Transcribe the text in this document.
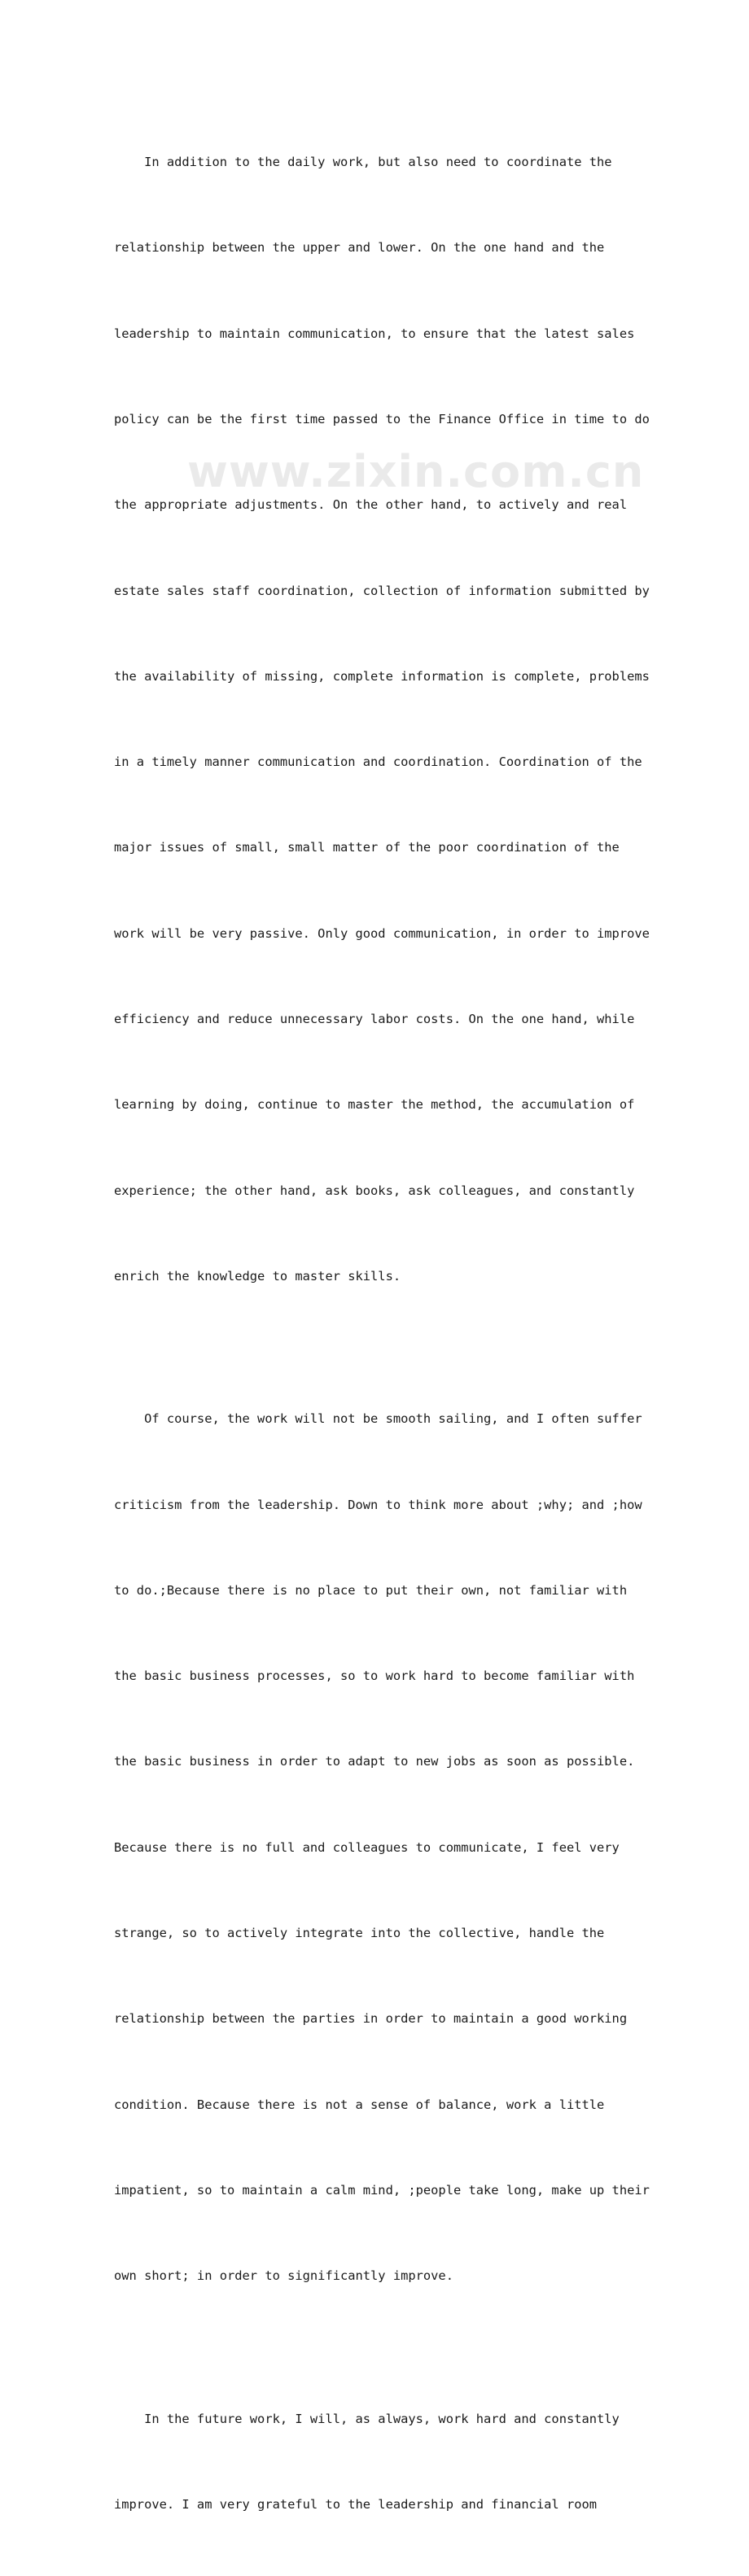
In addition to the daily work, but also need to coordinate the

relationship between the upper and lower. On the one hand and the

leadership to maintain communication, to ensure that the latest sales

policy can be the first time passed to the Finance Office in time to do

the appropriate adjustments. On the other hand, to actively and real

estate sales staff coordination, collection of information submitted by

the availability of missing, complete information is complete, problems

in a timely manner communication and coordination. Coordination of the

major issues of small, small matter of the poor coordination of the

work will be very passive. Only good communication, in order to improve

efficiency and reduce unnecessary labor costs. On the one hand, while

learning by doing, continue to master the method, the accumulation of

experience; the other hand, ask books, ask colleagues, and constantly

enrich the knowledge to master skills.

Of course, the work will not be smooth sailing, and I often suffer

criticism from the leadership. Down to think more about ;why; and ;how

to do.;Because there is no place to put their own, not familiar with

the basic business processes, so to work hard to become familiar with

the basic business in order to adapt to new jobs as soon as possible.

Because there is no full and colleagues to communicate, I feel very

strange, so to actively integrate into the collective, handle the

relationship between the parties in order to maintain a good working

condition. Because there is not a sense of balance, work a little

impatient, so to maintain a calm mind, ;people take long, make up their

own short; in order to significantly improve.

In the future work, I will, as always, work hard and constantly

improve. I am very grateful to the leadership and financial room

www.zixin.com.cn
